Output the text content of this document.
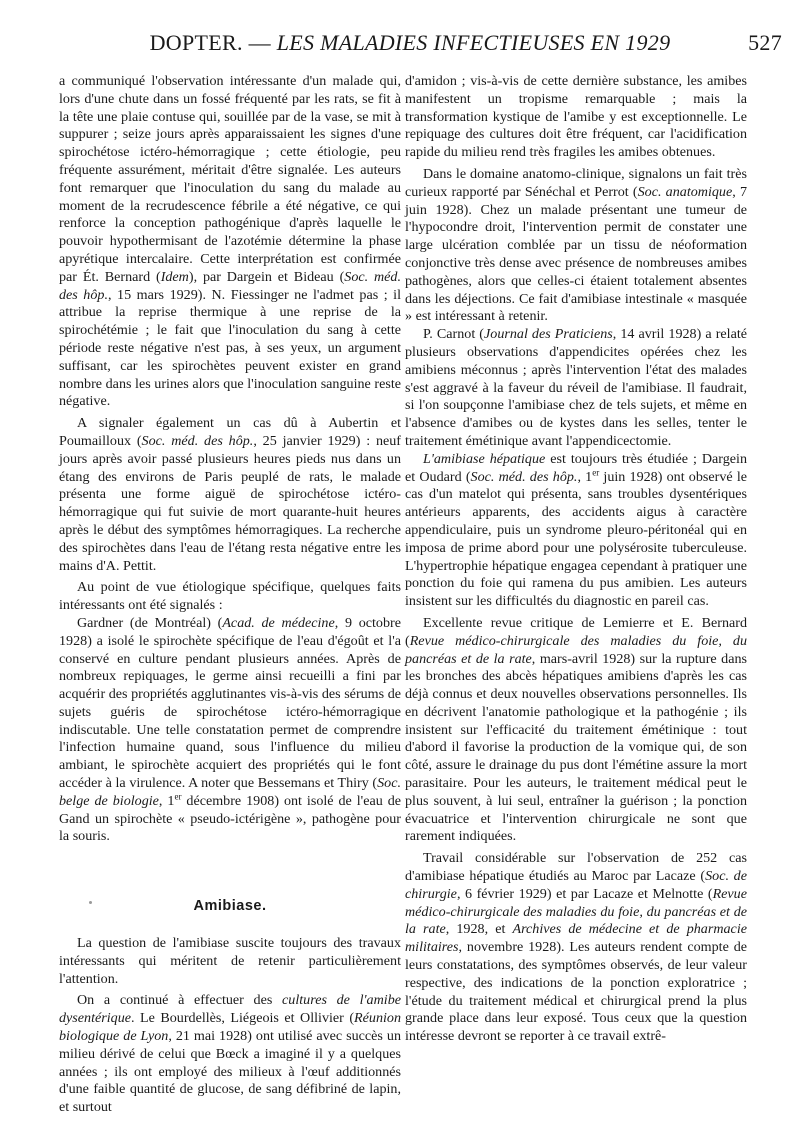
DOPTER. — LES MALADIES INFECTIEUSES EN 1929	527

a communiqué l'observation intéressante d'un malade qui, lors d'une chute dans un fossé fréquenté par les rats, se fit à la tête une plaie contuse qui, souillée par de la vase, se mit à suppurer ; seize jours après apparaissaient les signes d'une spirochétose ictéro-hémorragique ; cette étiologie, peu fréquente assurément, méritait d'être signalée. Les auteurs font remarquer que l'inoculation du sang du malade au moment de la recrudescence fébrile a été négative, ce qui renforce la conception pathogénique d'après laquelle le pouvoir hypothermisant de l'azotémie détermine la phase apyrétique intercalaire. Cette interprétation est confirmée par Ét. Bernard (Idem), par Dargein et Bideau (Soc. méd. des hôp., 15 mars 1929). N. Fiessinger ne l'admet pas ; il attribue la reprise thermique à une reprise de la spirochétémie ; le fait que l'inoculation du sang à cette période reste négative n'est pas, à ses yeux, un argument suffisant, car les spirochètes peuvent exister en grand nombre dans les urines alors que l'inoculation sanguine reste négative.

A signaler également un cas dû à Aubertin et Poumailloux (Soc. méd. des hôp., 25 janvier 1929) : neuf jours après avoir passé plusieurs heures pieds nus dans un étang des environs de Paris peuplé de rats, le malade présenta une forme aiguë de spirochétose ictéro-hémorragique qui fut suivie de mort quarante-huit heures après le début des symptômes hémorragiques. La recherche des spirochètes dans l'eau de l'étang resta négative entre les mains d'A. Pettit.

Au point de vue étiologique spécifique, quelques faits intéressants ont été signalés :

Gardner (de Montréal) (Acad. de médecine, 9 octobre 1928) a isolé le spirochète spécifique de l'eau d'égoût et l'a conservé en culture pendant plusieurs années. Après de nombreux repiquages, le germe ainsi recueilli a fini par acquérir des propriétés agglutinantes vis-à-vis des sérums de sujets guéris de spirochétose ictéro-hémorragique indiscutable. Une telle constatation permet de comprendre l'infection humaine quand, sous l'influence du milieu ambiant, le spirochète acquiert des propriétés qui le font accéder à la virulence. A noter que Bessemans et Thiry (Soc. belge de biologie, 1er décembre 1908) ont isolé de l'eau de Gand un spirochète « pseudo-ictérigène », pathogène pour la souris.

Amibiase.

La question de l'amibiase suscite toujours des travaux intéressants qui méritent de retenir particulièrement l'attention.

On a continué à effectuer des cultures de l'amibe dysentérique. Le Bourdellès, Liégeois et Ollivier (Réunion biologique de Lyon, 21 mai 1928) ont utilisé avec succès un milieu dérivé de celui que Bœck a imaginé il y a quelques années ; ils ont employé des milieux à l'œuf additionnés d'une faible quantité de glucose, de sang défibriné de lapin, et surtout

d'amidon ; vis-à-vis de cette dernière substance, les amibes manifestent un tropisme remarquable ; mais la transformation kystique de l'amibe y est exceptionnelle. Le repiquage des cultures doit être fréquent, car l'acidification rapide du milieu rend très fragiles les amibes obtenues.

Dans le domaine anatomo-clinique, signalons un fait très curieux rapporté par Sénéchal et Perrot (Soc. anatomique, 7 juin 1928). Chez un malade présentant une tumeur de l'hypocondre droit, l'intervention permit de constater une large ulcération comblée par un tissu de néoformation conjonctive très dense avec présence de nombreuses amibes pathogènes, alors que celles-ci étaient totalement absentes dans les déjections. Ce fait d'amibiase intestinale « masquée » est intéressant à retenir.

P. Carnot (Journal des Praticiens, 14 avril 1928) a relaté plusieurs observations d'appendicites opérées chez les amibiens méconnus ; après l'intervention l'état des malades s'est aggravé à la faveur du réveil de l'amibiase. Il faudrait, si l'on soupçonne l'amibiase chez de tels sujets, et même en l'absence d'amibes ou de kystes dans les selles, tenter le traitement émétinique avant l'appendicectomie.

L'amibiase hépatique est toujours très étudiée ; Dargein et Oudard (Soc. méd. des hôp., 1er juin 1928) ont observé le cas d'un matelot qui présenta, sans troubles dysentériques antérieurs apparents, des accidents aigus à caractère appendiculaire, puis un syndrome pleuro-péritonéal qui en imposa de prime abord pour une polysérosite tuberculeuse. L'hypertrophie hépatique engagea cependant à pratiquer une ponction du foie qui ramena du pus amibien. Les auteurs insistent sur les difficultés du diagnostic en pareil cas.

Excellente revue critique de Lemierre et E. Bernard (Revue médico-chirurgicale des maladies du foie, du pancréas et de la rate, mars-avril 1928) sur la rupture dans les bronches des abcès hépatiques amibiens d'après les cas déjà connus et deux nouvelles observations personnelles. Ils en décrivent l'anatomie pathologique et la pathogénie ; ils insistent sur l'efficacité du traitement émétinique : tout d'abord il favorise la production de la vomique qui, de son côté, assure le drainage du pus dont l'émétine assure la mort parasitaire. Pour les auteurs, le traitement médical peut le plus souvent, à lui seul, entraîner la guérison ; la ponction évacuatrice et l'intervention chirurgicale ne sont que rarement indiquées.

Travail considérable sur l'observation de 252 cas d'amibiase hépatique étudiés au Maroc par Lacaze (Soc. de chirurgie, 6 février 1929) et par Lacaze et Melnotte (Revue médico-chirurgicale des maladies du foie, du pancréas et de la rate, 1928, et Archives de médecine et de pharmacie militaires, novembre 1928). Les auteurs rendent compte de leurs constatations, des symptômes observés, de leur valeur respective, des indications de la ponction exploratrice ; l'étude du traitement médical et chirurgical prend la plus grande place dans leur exposé. Tous ceux que la question intéresse devront se reporter à ce travail extrê-
